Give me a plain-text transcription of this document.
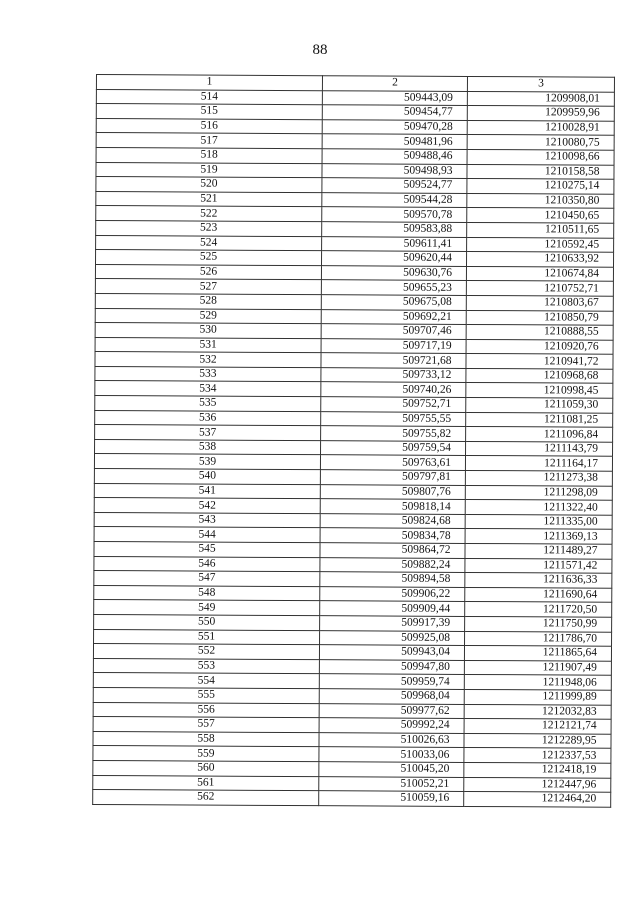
88
1	2	3
514	509443,09	1209908,01
515	509454,77	1209959,96
516	509470,28	1210028,91
517	509481,96	1210080,75
518	509488,46	1210098,66
519	509498,93	1210158,58
520	509524,77	1210275,14
521	509544,28	1210350,80
522	509570,78	1210450,65
523	509583,88	1210511,65
524	509611,41	1210592,45
525	509620,44	1210633,92
526	509630,76	1210674,84
527	509655,23	1210752,71
528	509675,08	1210803,67
529	509692,21	1210850,79
530	509707,46	1210888,55
531	509717,19	1210920,76
532	509721,68	1210941,72
533	509733,12	1210968,68
534	509740,26	1210998,45
535	509752,71	1211059,30
536	509755,55	1211081,25
537	509755,82	1211096,84
538	509759,54	1211143,79
539	509763,61	1211164,17
540	509797,81	1211273,38
541	509807,76	1211298,09
542	509818,14	1211322,40
543	509824,68	1211335,00
544	509834,78	1211369,13
545	509864,72	1211489,27
546	509882,24	1211571,42
547	509894,58	1211636,33
548	509906,22	1211690,64
549	509909,44	1211720,50
550	509917,39	1211750,99
551	509925,08	1211786,70
552	509943,04	1211865,64
553	509947,80	1211907,49
554	509959,74	1211948,06
555	509968,04	1211999,89
556	509977,62	1212032,83
557	509992,24	1212121,74
558	510026,63	1212289,95
559	510033,06	1212337,53
560	510045,20	1212418,19
561	510052,21	1212447,96
562	510059,16	1212464,20
